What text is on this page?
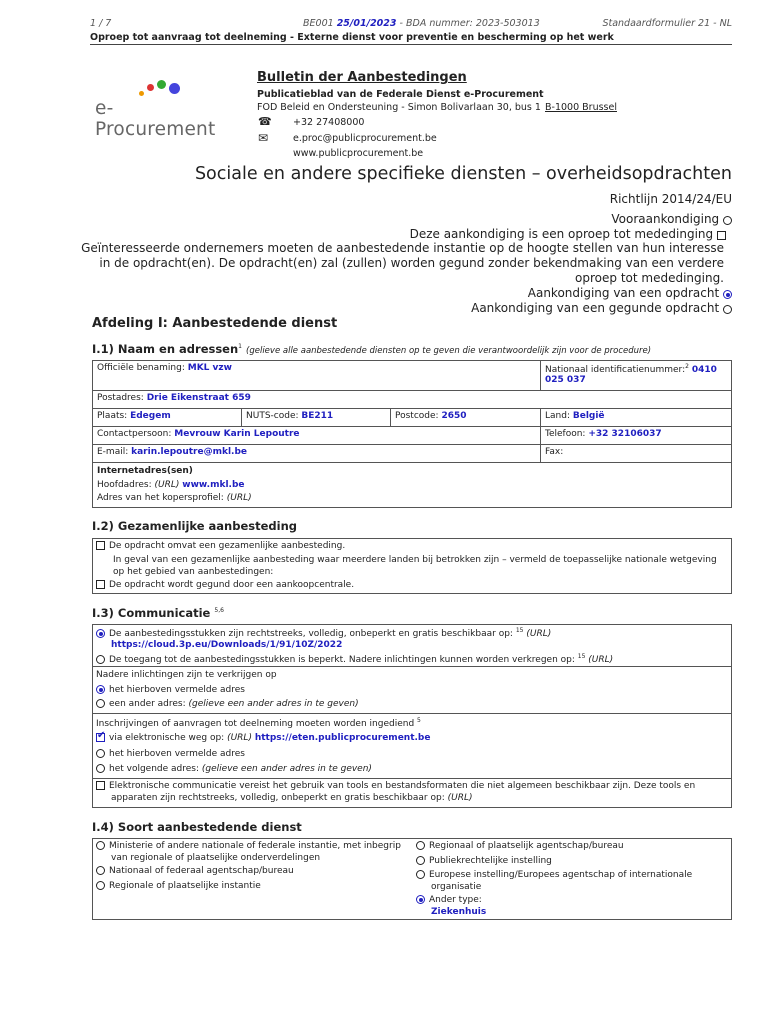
1 / 7	BE001 25/01/2023 - BDA nummer: 2023-503013	Standaardformulier 21 - NL
Oproep tot aanvraag tot deelneming - Externe dienst voor preventie en bescherming op het werk
e-Procurement
Bulletin der Aanbestedingen
Publicatieblad van de Federale Dienst e-Procurement
FOD Beleid en Ondersteuning - Simon Bolivarlaan 30, bus 1 B-1000 Brussel
☎ +32 27408000
✉	e.proc@publicprocurement.be
www.publicprocurement.be
Sociale en andere specifieke diensten – overheidsopdrachten
Richtlijn 2014/24/EU
Vooraankondiging
Deze aankondiging is een oproep tot mededinging
Geïnteresseerde ondernemers moeten de aanbestedende instantie op de hoogte stellen van hun interesse
in de opdracht(en). De opdracht(en) zal (zullen) worden gegund zonder bekendmaking van een verdere
oproep tot mededinging.
Aankondiging van een opdracht
Aankondiging van een gegunde opdracht
Afdeling I: Aanbestedende dienst
I.1) Naam en adressen$^1$ (gelieve alle aanbestedende diensten op te geven die verantwoordelijk zijn voor de procedure)
Officiële benaming: MKL vzw	Nationaal identificatienummer:$^2$ 0410
025 037
Postadres: Drie Eikenstraat 659
Plaats: Edegem	NUTS-code: BE211	Postcode: 2650	Land: België
Contactpersoon: Mevrouw Karin Lepoutre	Telefoon: +32 32106037
E-mail: karin.lepoutre@mkl.be	Fax:
Internetadres(sen)
Hoofdadres: (URL) www.mkl.be
Adres van het kopersprofiel: (URL)
I.2) Gezamenlijke aanbesteding
De opdracht omvat een gezamenlijke aanbesteding.
In geval van een gezamenlijke aanbesteding waar meerdere landen bij betrokken zijn – vermeld de toepasselijke nationale wetgeving
op het gebied van aanbestedingen:
De opdracht wordt gegund door een aankoopcentrale.
I.3) Communicatie $^{5,6}$
De aanbestedingsstukken zijn rechtstreeks, volledig, onbeperkt en gratis beschikbaar op: $^{15}$ (URL)
https://cloud.3p.eu/Downloads/1/91/10Z/2022
De toegang tot de aanbestedingsstukken is beperkt. Nadere inlichtingen kunnen worden verkregen op: $^{15}$ (URL)
Nadere inlichtingen zijn te verkrijgen op
het hierboven vermelde adres
een ander adres: (gelieve een ander adres in te geven)
Inschrijvingen of aanvragen tot deelneming moeten worden ingediend $^5$
✔via elektronische weg op: (URL) https://eten.publicprocurement.be
het hierboven vermelde adres
het volgende adres: (gelieve een ander adres in te geven)
Elektronische communicatie vereist het gebruik van tools en bestandsformaten die niet algemeen beschikbaar zijn. Deze tools en
apparaten zijn rechtstreeks, volledig, onbeperkt en gratis beschikbaar op: (URL)
I.4) Soort aanbestedende dienst
Ministerie of andere nationale of federale instantie, met inbegrip
van regionale of plaatselijke onderverdelingen
Nationaal of federaal agentschap/bureau
Regionale of plaatselijke instantie
Regionaal of plaatselijk agentschap/bureau
Publiekrechtelijke instelling
Europese instelling/Europees agentschap of internationale
organisatie
Ander type:
Ziekenhuis
